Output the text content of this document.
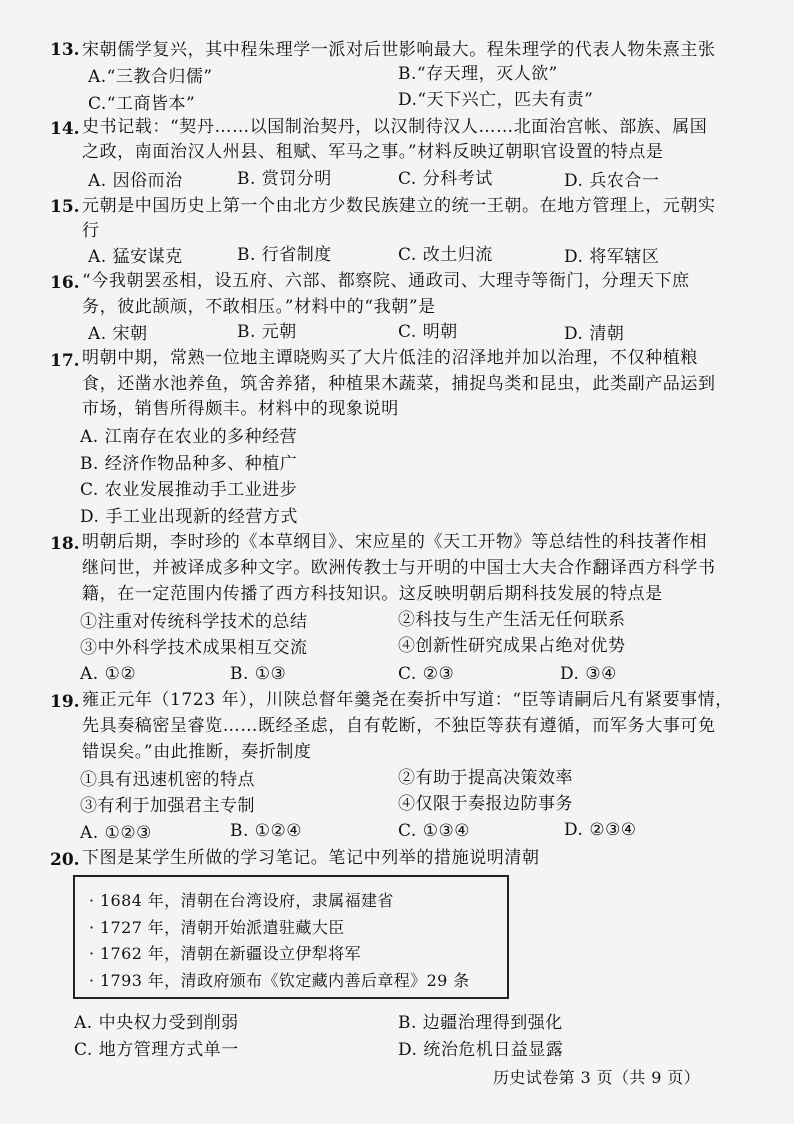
13. 宋朝儒学复兴，其中程朱理学一派对后世影响最大。程朱理学的代表人物朱熹主张
A.“三教合归儒”	B.“存天理，灭人欲”
C.“工商皆本”	D.“天下兴亡，匹夫有责”
14. 史书记载：“契丹……以国制治契丹，以汉制待汉人……北面治宫帐、部族、属国
之政，南面治汉人州县、租赋、军马之事。”材料反映辽朝职官设置的特点是
A. 因俗而治	B. 赏罚分明	C. 分科考试	D. 兵农合一
15. 元朝是中国历史上第一个由北方少数民族建立的统一王朝。在地方管理上，元朝实
行
A. 猛安谋克	B. 行省制度	C. 改土归流	D. 将军辖区
16. “今我朝罢丞相，设五府、六部、都察院、通政司、大理寺等衙门，分理天下庶
务，彼此颉颃，不敢相压。”材料中的“我朝”是
A. 宋朝	B. 元朝	C. 明朝	D. 清朝
17. 明朝中期，常熟一位地主谭晓购买了大片低洼的沼泽地并加以治理，不仅种植粮
食，还凿水池养鱼，筑舍养猪，种植果木蔬菜，捕捉鸟类和昆虫，此类副产品运到
市场，销售所得颇丰。材料中的现象说明
A. 江南存在农业的多种经营
B. 经济作物品种多、种植广
C. 农业发展推动手工业进步
D. 手工业出现新的经营方式
18. 明朝后期，李时珍的《本草纲目》、宋应星的《天工开物》等总结性的科技著作相
继问世，并被译成多种文字。欧洲传教士与开明的中国士大夫合作翻译西方科学书
籍，在一定范围内传播了西方科技知识。这反映明朝后期科技发展的特点是
①注重对传统科学技术的总结	②科技与生产生活无任何联系
③中外科学技术成果相互交流	④创新性研究成果占绝对优势
A. ①②	B. ①③	C. ②③	D. ③④
19. 雍正元年（1723 年），川陕总督年羹尧在奏折中写道：“臣等请嗣后凡有紧要事情，
先具奏稿密呈睿览……既经圣虑，自有乾断，不独臣等获有遵循，而军务大事可免
错误矣。”由此推断，奏折制度
①具有迅速机密的特点	②有助于提高决策效率
③有利于加强君主专制	④仅限于奏报边防事务
A. ①②③	B. ①②④	C. ①③④	D. ②③④
20. 下图是某学生所做的学习笔记。笔记中列举的措施说明清朝
· 1684 年，清朝在台湾设府，隶属福建省
· 1727 年，清朝开始派遣驻藏大臣
· 1762 年，清朝在新疆设立伊犁将军
· 1793 年，清政府颁布《钦定藏内善后章程》29 条
A. 中央权力受到削弱	B. 边疆治理得到强化
C. 地方管理方式单一	D. 统治危机日益显露
历史试卷第 3 页（共 9 页）
